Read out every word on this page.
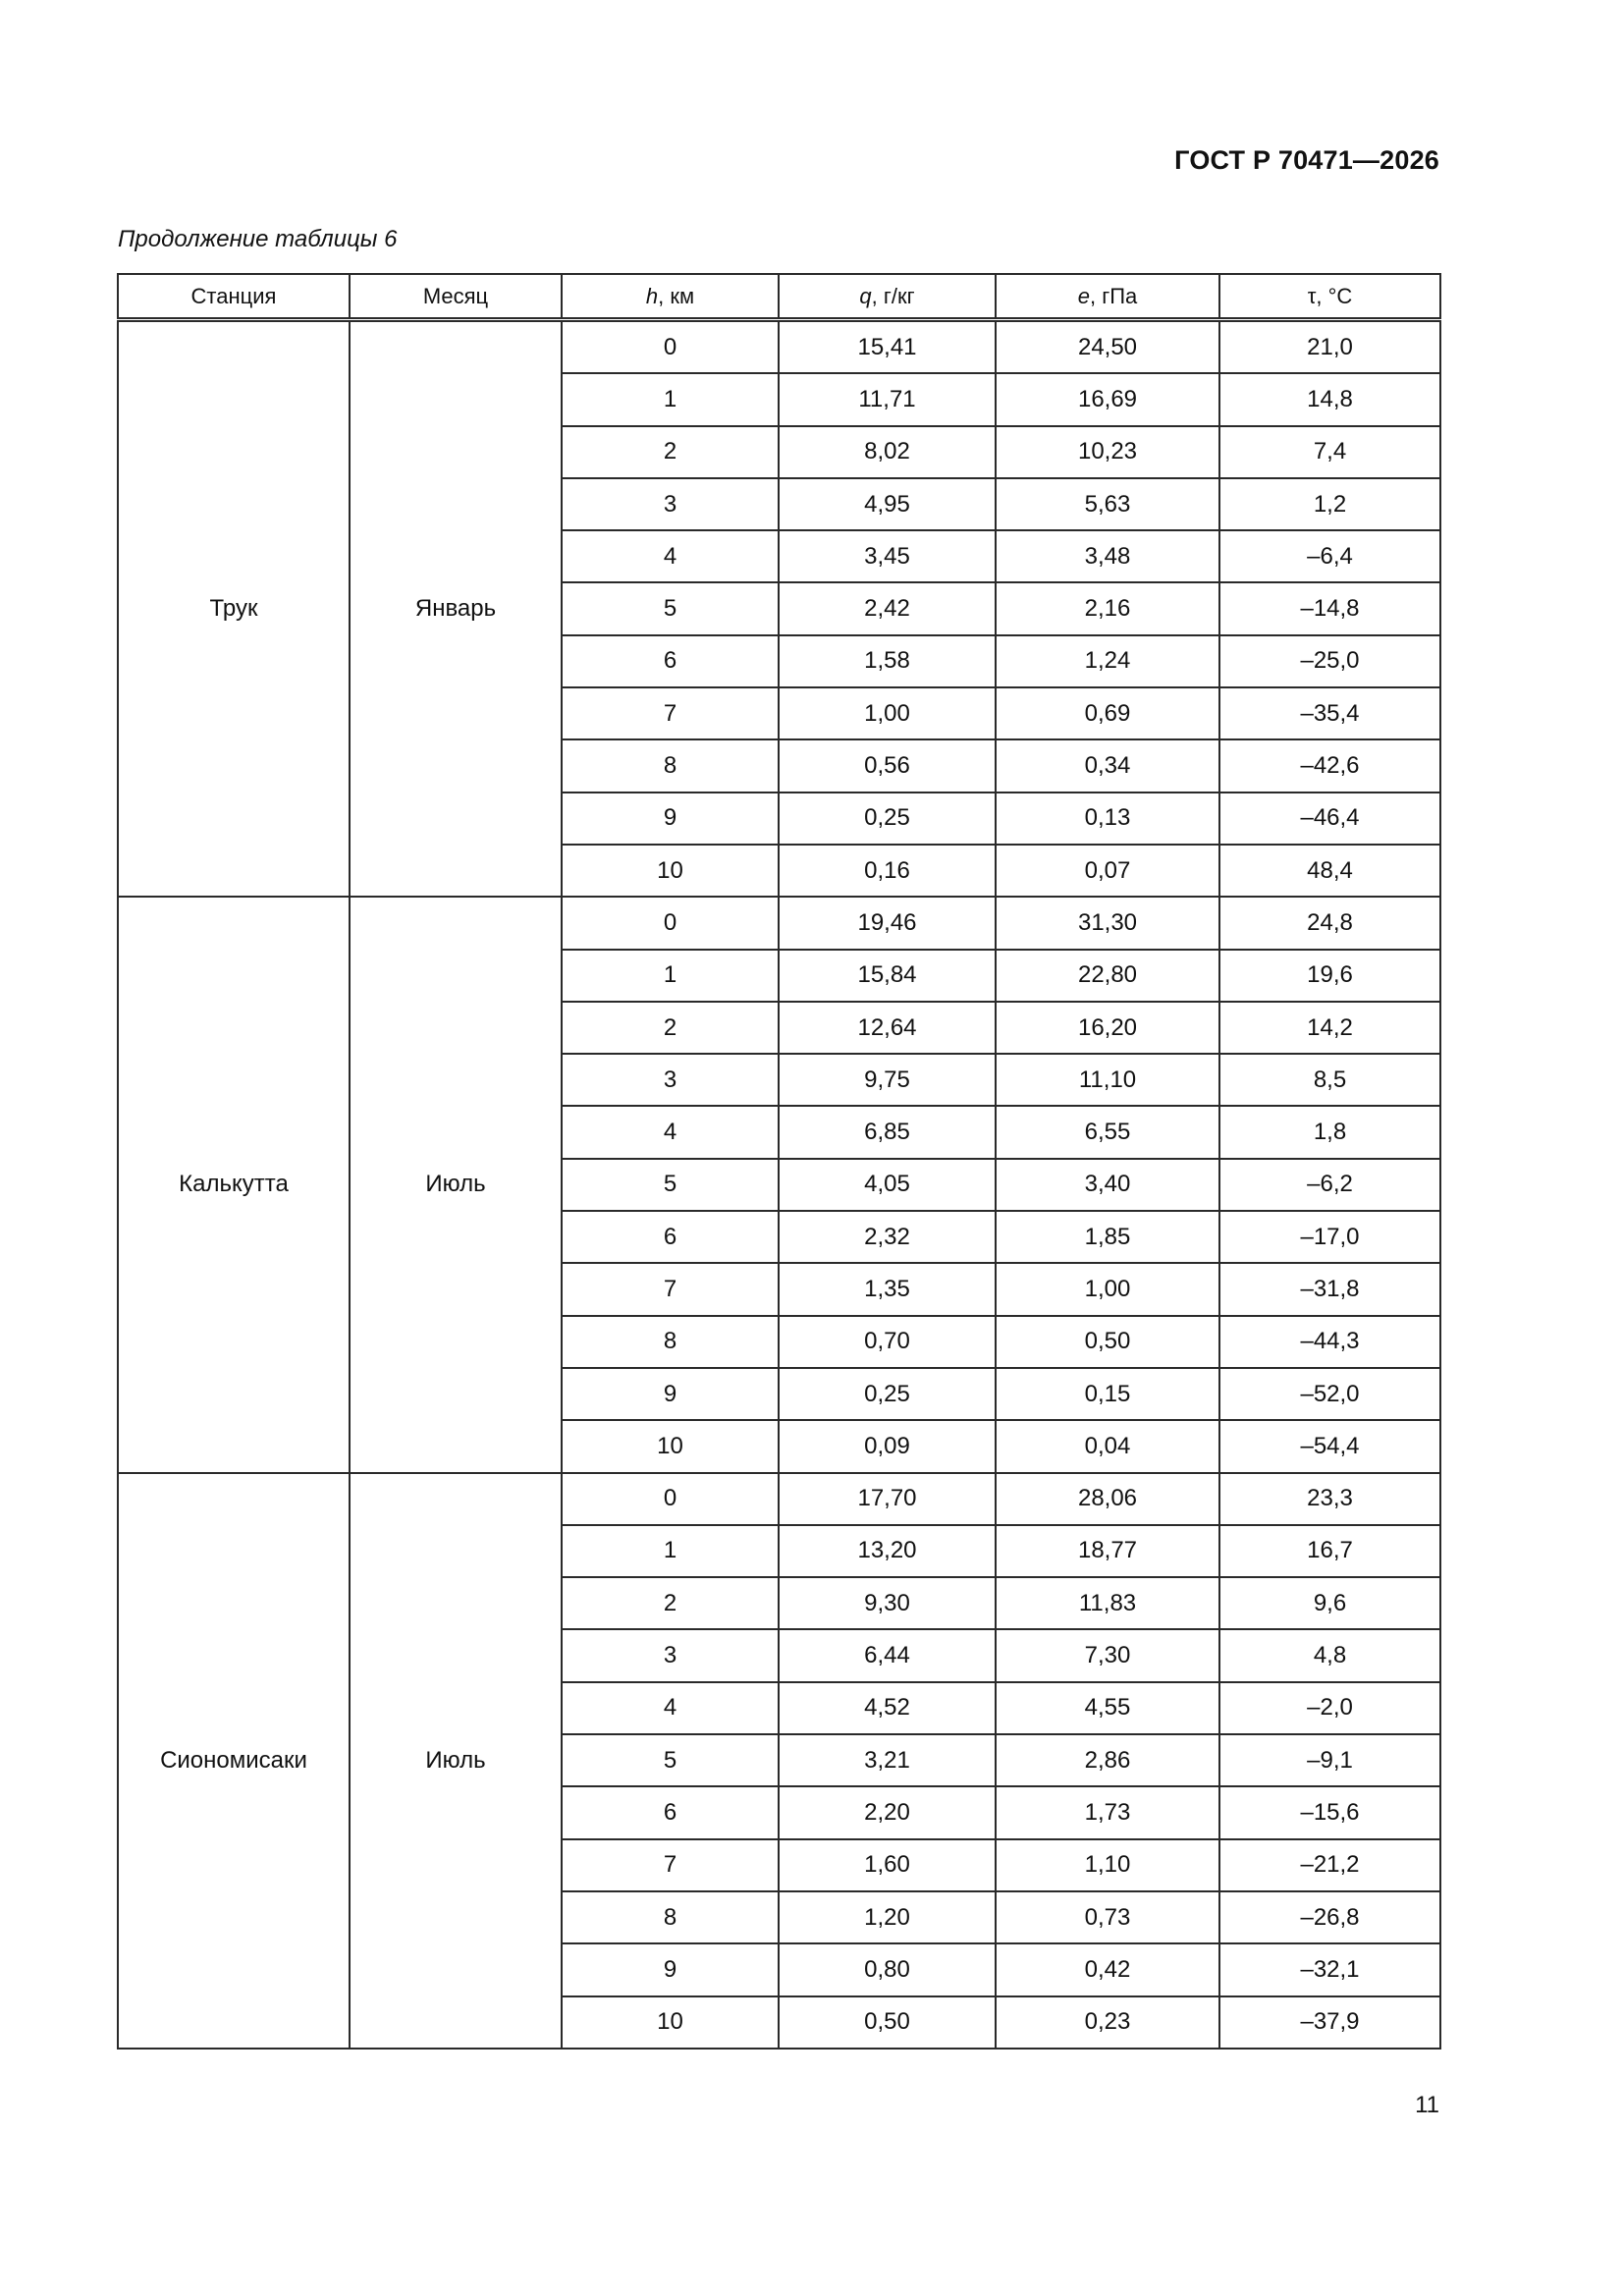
ГОСТ Р 70471—2026
Продолжение таблицы 6
Станция	Месяц	h, км	q, г/кг	e, гПа	τ, °С
Трук	Январь	0	15,41	24,50	21,0
		1	11,71	16,69	14,8
		2	8,02	10,23	7,4
		3	4,95	5,63	1,2
		4	3,45	3,48	–6,4
		5	2,42	2,16	–14,8
		6	1,58	1,24	–25,0
		7	1,00	0,69	–35,4
		8	0,56	0,34	–42,6
		9	0,25	0,13	–46,4
		10	0,16	0,07	48,4
Калькутта	Июль	0	19,46	31,30	24,8
		1	15,84	22,80	19,6
		2	12,64	16,20	14,2
		3	9,75	11,10	8,5
		4	6,85	6,55	1,8
		5	4,05	3,40	–6,2
		6	2,32	1,85	–17,0
		7	1,35	1,00	–31,8
		8	0,70	0,50	–44,3
		9	0,25	0,15	–52,0
		10	0,09	0,04	–54,4
Сиономисаки	Июль	0	17,70	28,06	23,3
		1	13,20	18,77	16,7
		2	9,30	11,83	9,6
		3	6,44	7,30	4,8
		4	4,52	4,55	–2,0
		5	3,21	2,86	–9,1
		6	2,20	1,73	–15,6
		7	1,60	1,10	–21,2
		8	1,20	0,73	–26,8
		9	0,80	0,42	–32,1
		10	0,50	0,23	–37,9
11
